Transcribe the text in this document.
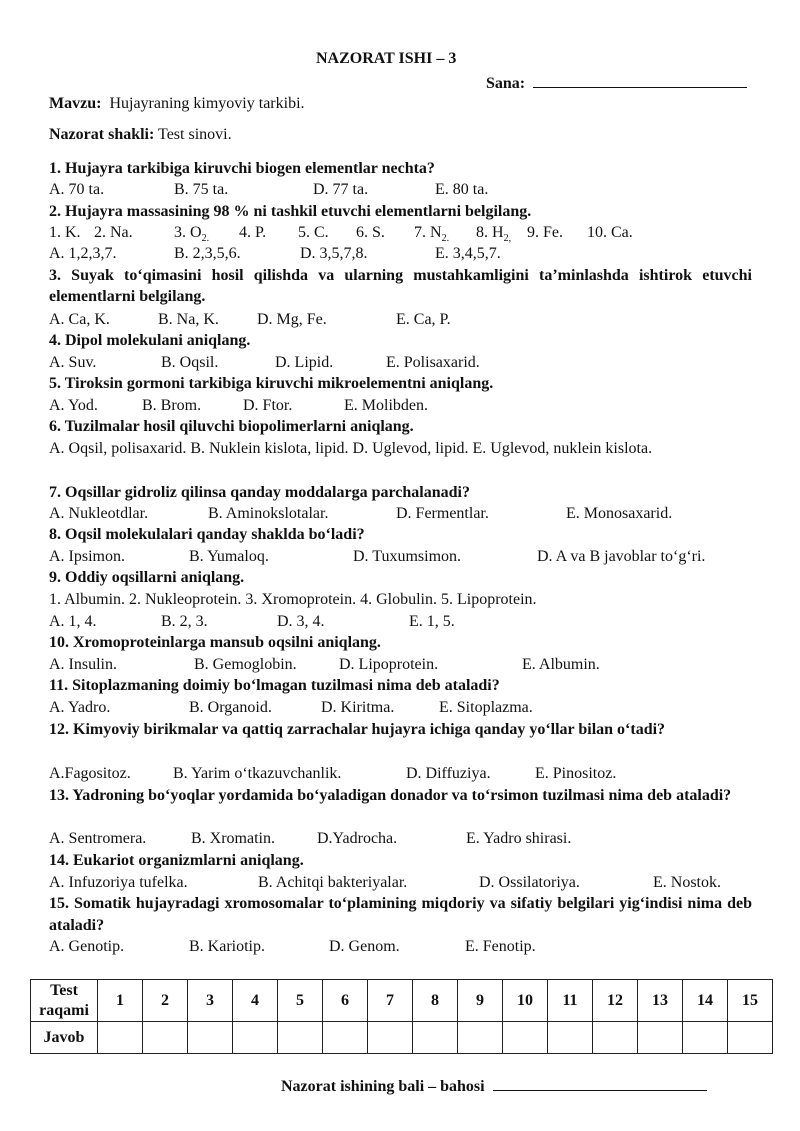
NAZORAT ISHI – 3
Sana:
Mavzu: Hujayraning kimyoviy tarkibi.
Nazorat shakli: Test sinovi.
1. Hujayra tarkibiga kiruvchi biogen elementlar nechta?
A. 70 ta.	B. 75 ta.	D. 77 ta.	E. 80 ta.
2. Hujayra massasining 98 % ni tashkil etuvchi elementlarni belgilang.
1. K. 2. Na.	3. $O_{2.}$ 4. P. 5. C. 6. S. 7. $N_{2.}$ 8. $H_{2,}$ 9. Fe. 10. Ca.
A. 1,2,3,7.	B. 2,3,5,6.	D. 3,5,7,8.	E. 3,4,5,7.
3. Suyak to‘qimasini hosil qilishda va ularning mustahkamligini ta’minlashda ishtirok etuvchi elementlarni belgilang.
A. Ca, K.	B. Na, K. D. Mg, Fe.	E. Ca, P.
4. Dipol molekulani aniqlang.
A. Suv.	B. Oqsil.	D. Lipid.	E. Polisaxarid.
5. Tiroksin gormoni tarkibiga kiruvchi mikroelementni aniqlang.
A. Yod.	B. Brom.	D. Ftor.	E. Molibden.
6. Tuzilmalar hosil qiluvchi biopolimerlarni aniqlang.
A. Oqsil, polisaxarid. B. Nuklein kislota, lipid. D. Uglevod, lipid. E. Uglevod, nuklein kislota.
7. Oqsillar gidroliz qilinsa qanday moddalarga parchalanadi?
A. Nukleotdlar.	B. Aminokslotalar.	D. Fermentlar.	E. Monosaxarid.
8. Oqsil molekulalari qanday shaklda bo‘ladi?
A. Ipsimon.	B. Yumaloq.	D. Tuxumsimon.	D. A va B javoblar to‘g‘ri.
9. Oddiy oqsillarni aniqlang.
1. Albumin. 2. Nukleoprotein. 3. Xromoprotein. 4. Globulin. 5. Lipoprotein.
A. 1, 4.	B. 2, 3.	D. 3, 4.	E. 1, 5.
10. Xromoproteinlarga mansub oqsilni aniqlang.
A. Insulin.	B. Gemoglobin.	D. Lipoprotein.	E. Albumin.
11. Sitoplazmaning doimiy bo‘lmagan tuzilmasi nima deb ataladi?
A. Yadro.	B. Organoid.	D. Kiritma.	E. Sitoplazma.
12. Kimyoviy birikmalar va qattiq zarrachalar hujayra ichiga qanday yo‘llar bilan o‘tadi?
A.Fagositoz.	B. Yarim o‘tkazuvchanlik.	D. Diffuziya.	E. Pinositoz.
13. Yadroning bo‘yoqlar yordamida bo‘yaladigan donador va to‘rsimon tuzilmasi nima deb ataladi?
A. Sentromera.	B. Xromatin.	D.Yadrocha.	E. Yadro shirasi.
14. Eukariot organizmlarni aniqlang.
A. Infuzoriya tufelka.	B. Achitqi bakteriyalar.	D. Ossilatoriya.	E. Nostok.
15. Somatik hujayradagi xromosomalar to‘plamining miqdoriy va sifatiy belgilari yig‘indisi nima deb ataladi?
A. Genotip.	B. Kariotip.	D. Genom.	E. Fenotip.
Test raqami	1	2	3	4	5	6	7	8	9	10	11	12	13	14	15
Javob															
Nazorat ishining bali – bahosi
